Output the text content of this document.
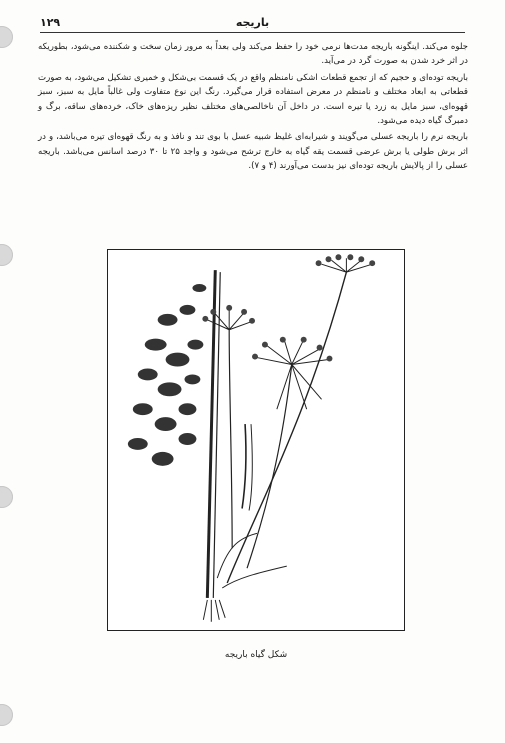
باریجه
۱۲۹

جلوه می‌کند. اینگونه باریجه مدت‌ها نرمی خود را حفظ می‌کند ولی بعداً به مرور زمان سخت و شکننده می‌شود، بطوریکه در اثر خرد شدن به صورت گرد در می‌آید.

باریجه توده‌ای و حجیم که از تجمع قطعات اشکی نامنظم واقع در یک قسمت بی‌شکل و خمیری تشکیل می‌شود، به صورت قطعاتی به ابعاد مختلف و نامنظم در معرض استفاده قرار می‌گیرد. رنگ این نوع متفاوت ولی غالباً مایل به سبز، سبز قهوه‌ای، سبز مایل به زرد یا تیره است. در داخل آن ناخالصی‌های مختلف نظیر ریزه‌های خاک، خرده‌های ساقه، برگ و دمبرگ گیاه دیده می‌شود.

باریجه نرم را باریجه عسلی می‌گویند و شیرابه‌ای غلیظ شبیه عسل با بوی تند و نافذ و به رنگ قهوه‌ای تیره می‌باشد، و در اثر برش طولی یا برش عرضی قسمت یقه گیاه به خارج ترشح می‌شود و واجد ۲۵ تا ۳۰ درصد اسانس می‌باشد. باریجه عسلی را از پالایش باریجه توده‌ای نیز بدست می‌آورند (۴ و ۷).

شکل گیاه باریجه
